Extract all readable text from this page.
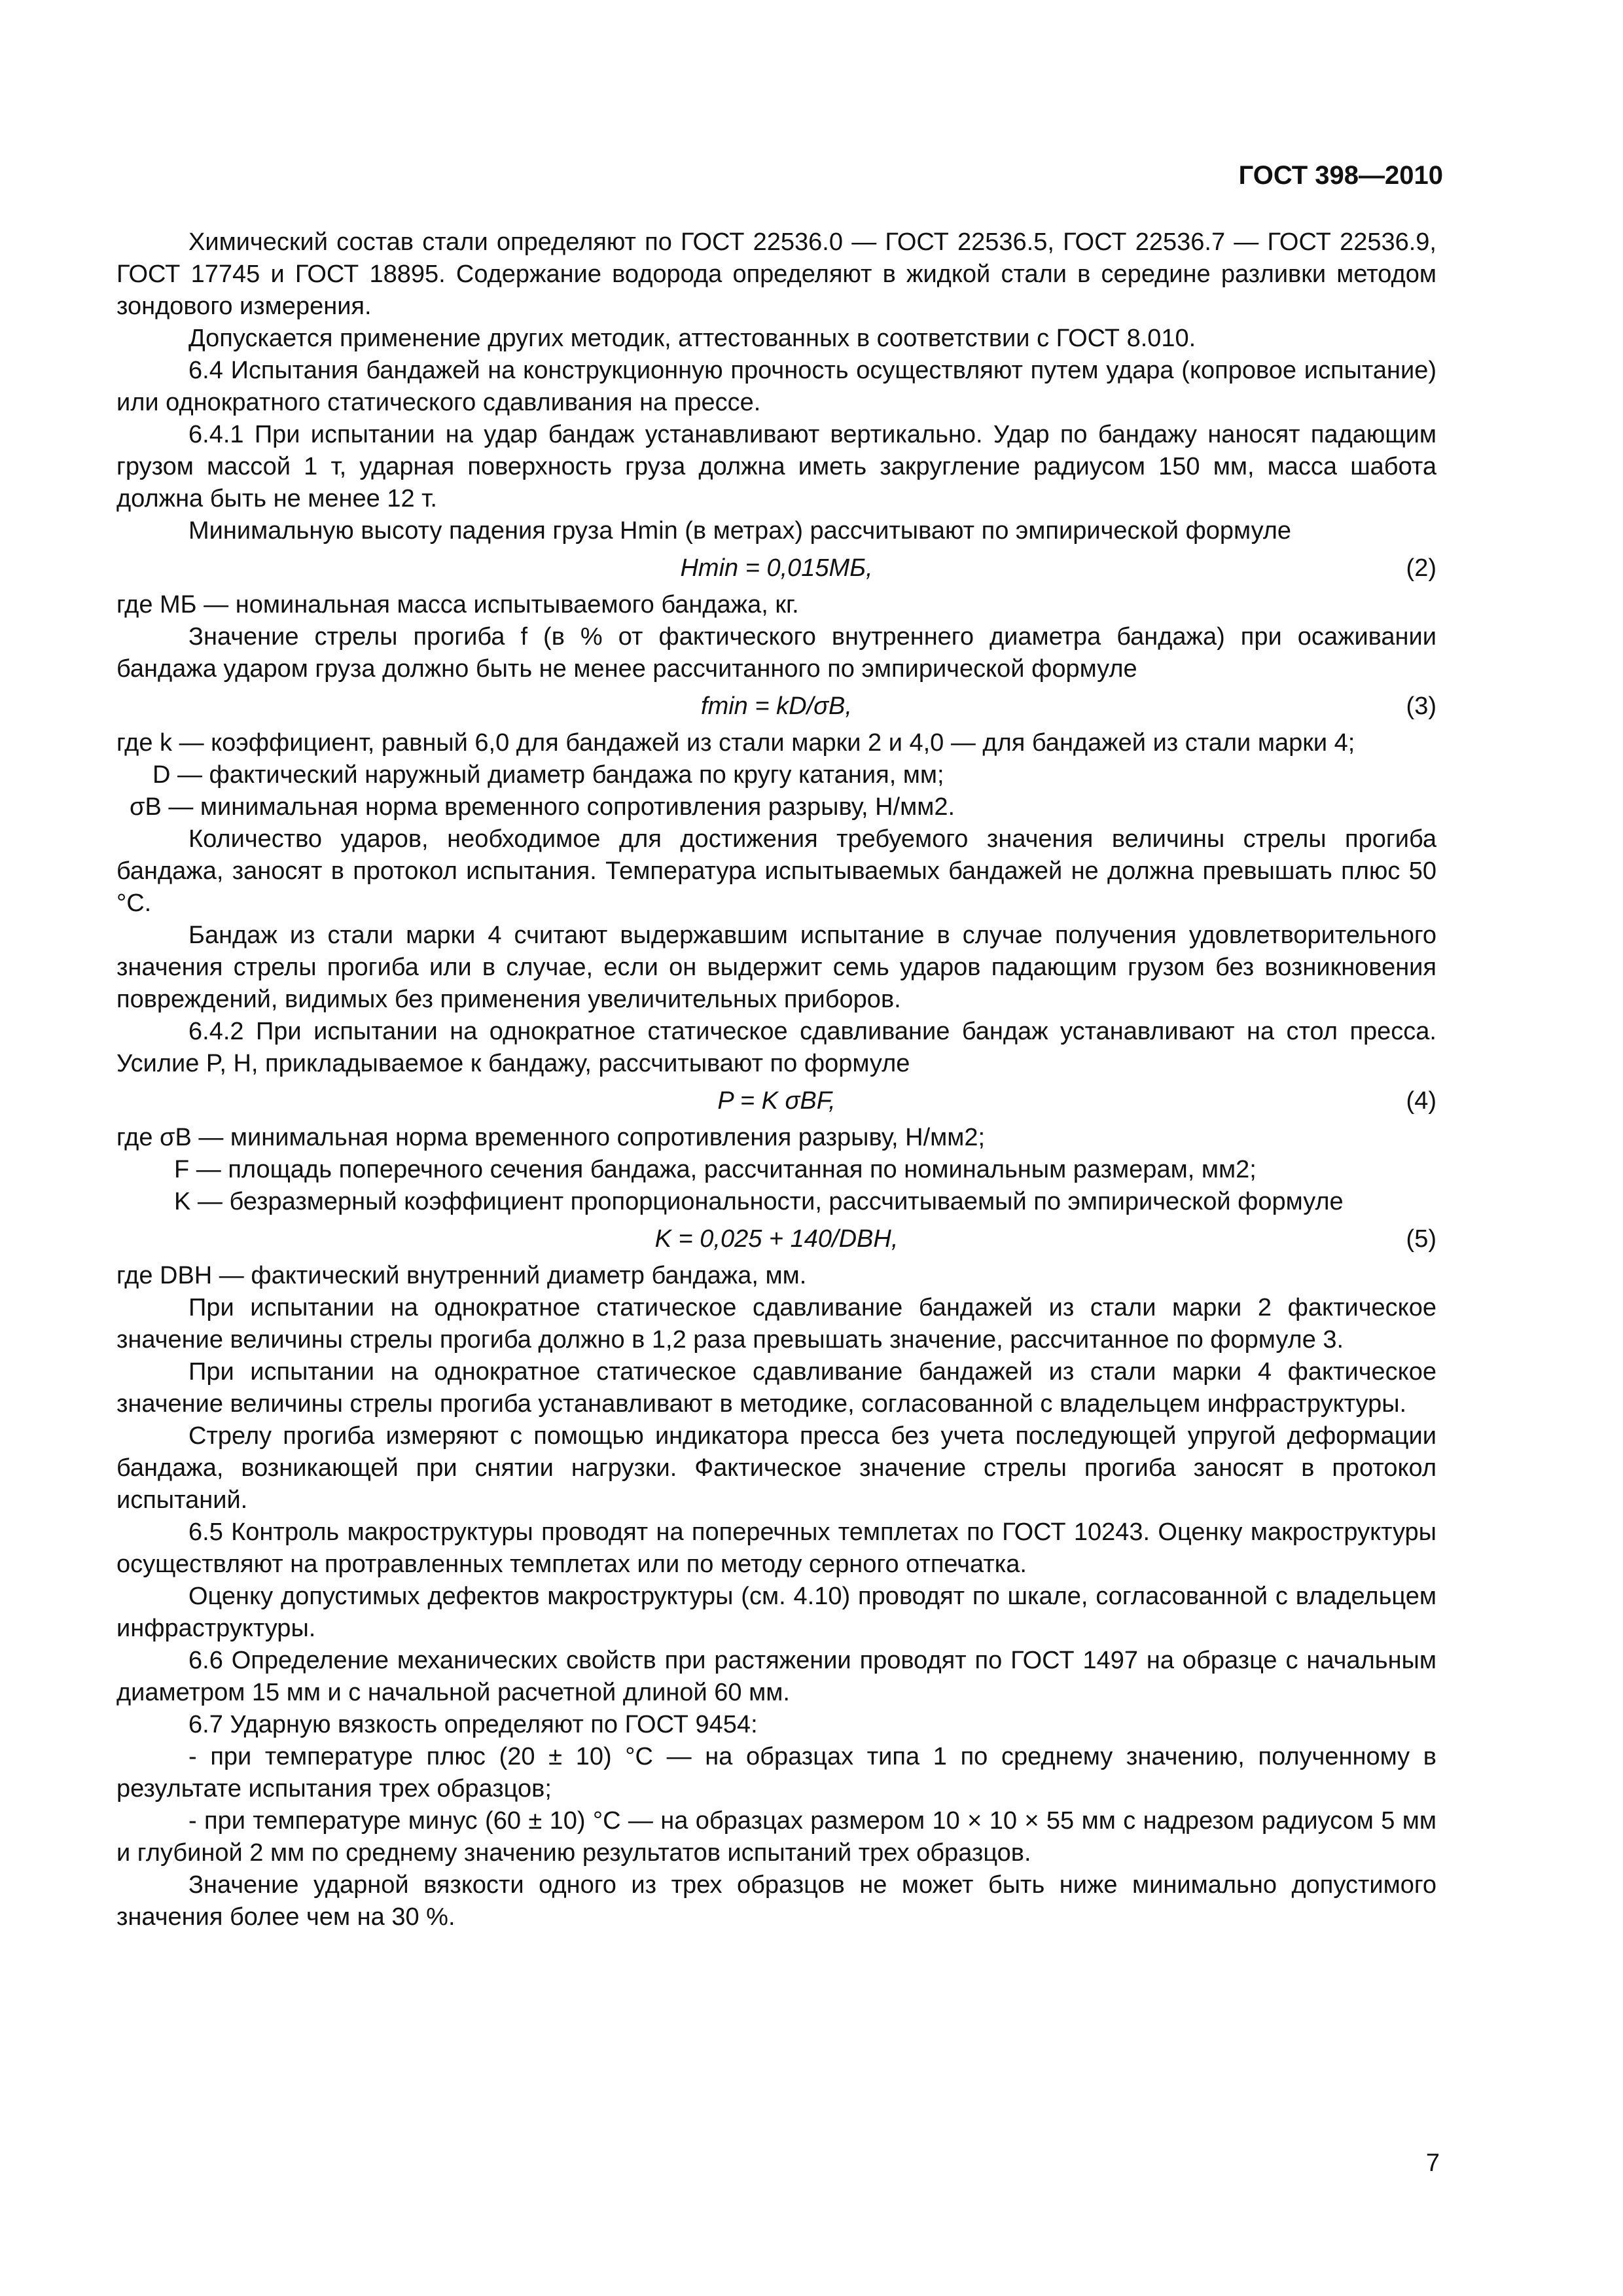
ГОСТ 398—2010

Химический состав стали определяют по ГОСТ 22536.0 — ГОСТ 22536.5, ГОСТ 22536.7 — ГОСТ 22536.9, ГОСТ 17745 и ГОСТ 18895. Содержание водорода определяют в жидкой стали в середине разливки методом зондового измерения.

Допускается применение других методик, аттестованных в соответствии с ГОСТ 8.010.

6.4 Испытания бандажей на конструкционную прочность осуществляют путем удара (копровое испытание) или однократного статического сдавливания на прессе.

6.4.1 При испытании на удар бандаж устанавливают вертикально. Удар по бандажу наносят падающим грузом массой 1 т, ударная поверхность груза должна иметь закругление радиусом 150 мм, масса шабота должна быть не менее 12 т.

Минимальную высоту падения груза Hmin (в метрах) рассчитывают по эмпирической формуле

Hmin = 0,015MБ,	(2)

где MБ — номинальная масса испытываемого бандажа, кг.

Значение стрелы прогиба f (в % от фактического внутреннего диаметра бандажа) при осаживании бандажа ударом груза должно быть не менее рассчитанного по эмпирической формуле

fmin = kD/σВ,	(3)

где k — коэффициент, равный 6,0 для бандажей из стали марки 2 и 4,0 — для бандажей из стали марки 4;

D — фактический наружный диаметр бандажа по кругу катания, мм;

σВ — минимальная норма временного сопротивления разрыву, Н/мм2.

Количество ударов, необходимое для достижения требуемого значения величины стрелы прогиба бандажа, заносят в протокол испытания. Температура испытываемых бандажей не должна превышать плюс 50 °С.

Бандаж из стали марки 4 считают выдержавшим испытание в случае получения удовлетворительного значения стрелы прогиба или в случае, если он выдержит семь ударов падающим грузом без возникновения повреждений, видимых без применения увеличительных приборов.

6.4.2 При испытании на однократное статическое сдавливание бандаж устанавливают на стол пресса. Усилие P, Н, прикладываемое к бандажу, рассчитывают по формуле

P = K σВF,	(4)

где σВ — минимальная норма временного сопротивления разрыву, Н/мм2;

F — площадь поперечного сечения бандажа, рассчитанная по номинальным размерам, мм2;

K — безразмерный коэффициент пропорциональности, рассчитываемый по эмпирической формуле

K = 0,025 + 140/DВН,	(5)

где DВН — фактический внутренний диаметр бандажа, мм.

При испытании на однократное статическое сдавливание бандажей из стали марки 2 фактическое значение величины стрелы прогиба должно в 1,2 раза превышать значение, рассчитанное по формуле 3.

При испытании на однократное статическое сдавливание бандажей из стали марки 4 фактическое значение величины стрелы прогиба устанавливают в методике, согласованной с владельцем инфраструктуры.

Стрелу прогиба измеряют с помощью индикатора пресса без учета последующей упругой деформации бандажа, возникающей при снятии нагрузки. Фактическое значение стрелы прогиба заносят в протокол испытаний.

6.5 Контроль макроструктуры проводят на поперечных темплетах по ГОСТ 10243. Оценку макроструктуры осуществляют на протравленных темплетах или по методу серного отпечатка.

Оценку допустимых дефектов макроструктуры (см. 4.10) проводят по шкале, согласованной с владельцем инфраструктуры.

6.6 Определение механических свойств при растяжении проводят по ГОСТ 1497 на образце с начальным диаметром 15 мм и с начальной расчетной длиной 60 мм.

6.7 Ударную вязкость определяют по ГОСТ 9454:

- при температуре плюс (20 ± 10) °С — на образцах типа 1 по среднему значению, полученному в результате испытания трех образцов;

- при температуре минус (60 ± 10) °С — на образцах размером 10 × 10 × 55 мм с надрезом радиусом 5 мм и глубиной 2 мм по среднему значению результатов испытаний трех образцов.

Значение ударной вязкости одного из трех образцов не может быть ниже минимально допустимого значения более чем на 30 %.

7
